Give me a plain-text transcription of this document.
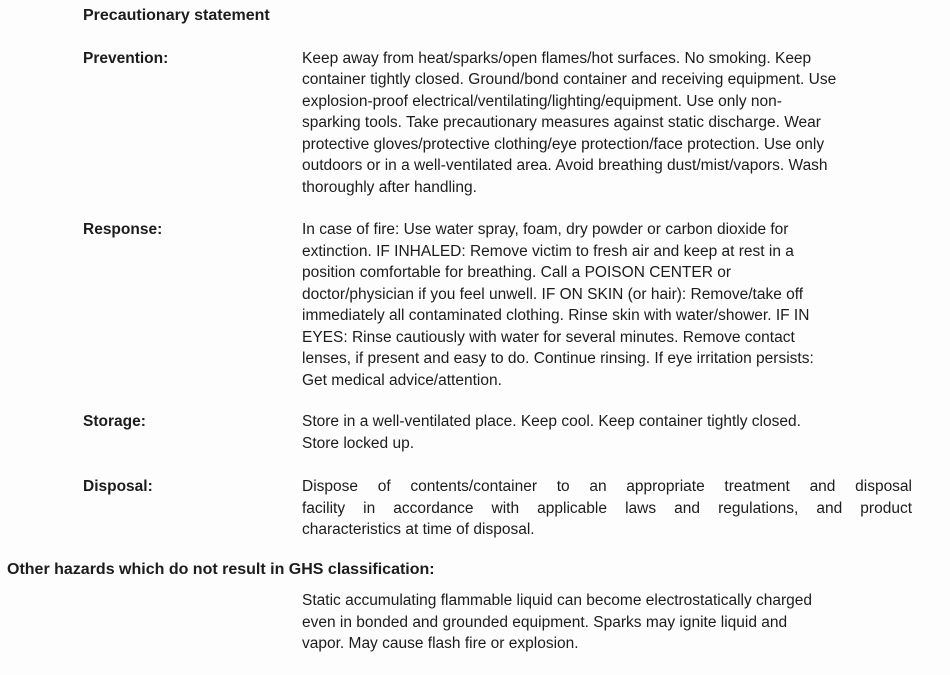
Precautionary statement
Prevention:	Keep away from heat/sparks/open flames/hot surfaces. No smoking. Keep
container tightly closed. Ground/bond container and receiving equipment. Use
explosion-proof electrical/ventilating/lighting/equipment. Use only non-
sparking tools. Take precautionary measures against static discharge. Wear
protective gloves/protective clothing/eye protection/face protection. Use only
outdoors or in a well-ventilated area. Avoid breathing dust/mist/vapors. Wash
thoroughly after handling.
Response:	In case of fire: Use water spray, foam, dry powder or carbon dioxide for
extinction. IF INHALED: Remove victim to fresh air and keep at rest in a
position comfortable for breathing. Call a POISON CENTER or
doctor/physician if you feel unwell. IF ON SKIN (or hair): Remove/take off
immediately all contaminated clothing. Rinse skin with water/shower. IF IN
EYES: Rinse cautiously with water for several minutes. Remove contact
lenses, if present and easy to do. Continue rinsing. If eye irritation persists:
Get medical advice/attention.
Storage:	Store in a well-ventilated place. Keep cool. Keep container tightly closed.
Store locked up.
Disposal:	Dispose of contents/container to an appropriate treatment and disposal
facility in accordance with applicable laws and regulations, and product
characteristics at time of disposal.
Other hazards which do not result in GHS classification:
Static accumulating flammable liquid can become electrostatically charged
even in bonded and grounded equipment. Sparks may ignite liquid and
vapor. May cause flash fire or explosion.
